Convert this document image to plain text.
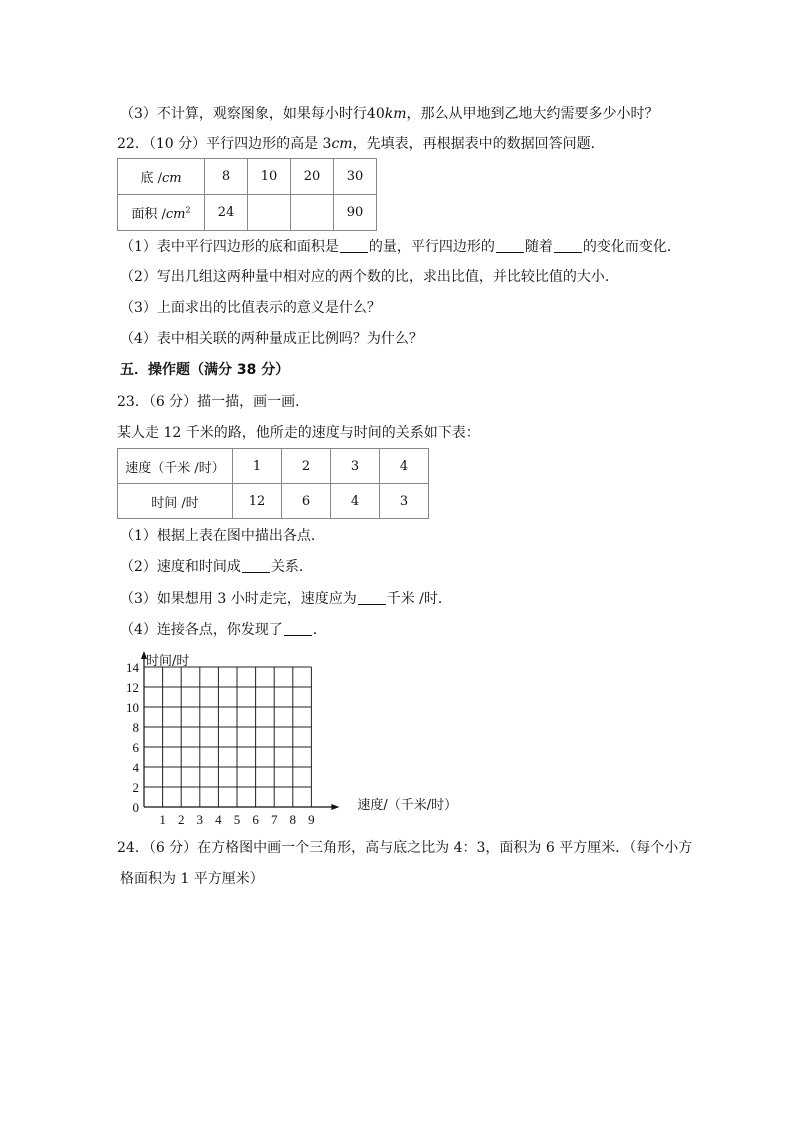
（3）不计算，观察图象，如果每小时行40km，那么从甲地到乙地大约需要多少小时？
22．（10 分）平行四边形的高是 3cm，先填表，再根据表中的数据回答问题．
底 /cm	8	10	20	30
面积 $/cm^2$	24			90
（1）表中平行四边形的底和面积是 的量，平行四边形的 随着 的变化而变化．
（2）写出几组这两种量中相对应的两个数的比，求出比值，并比较比值的大小．
（3）上面求出的比值表示的意义是什么？
（4）表中相关联的两种量成正比例吗？为什么？
五．操作题（满分 38 分）
23．（6 分）描一描，画一画．
某人走 12 千米的路，他所走的速度与时间的关系如下表：
速度（千米 /时）	1	2	3	4
时间 /时	12	6	4	3
（1）根据上表在图中描出各点．
（2）速度和时间成 关系．
（3）如果想用 3 小时走完，速度应为 千米 /时．
（4）连接各点，你发现了 ．
0
2
4
6
8
10
12
14
1 2 3 4 5 6 7 8 9
时间/时
速度/（千米/时）
24．（6 分）在方格图中画一个三角形，高与底之比为 4：3，面积为 6 平方厘米．（每个小方
格面积为 1 平方厘米）
